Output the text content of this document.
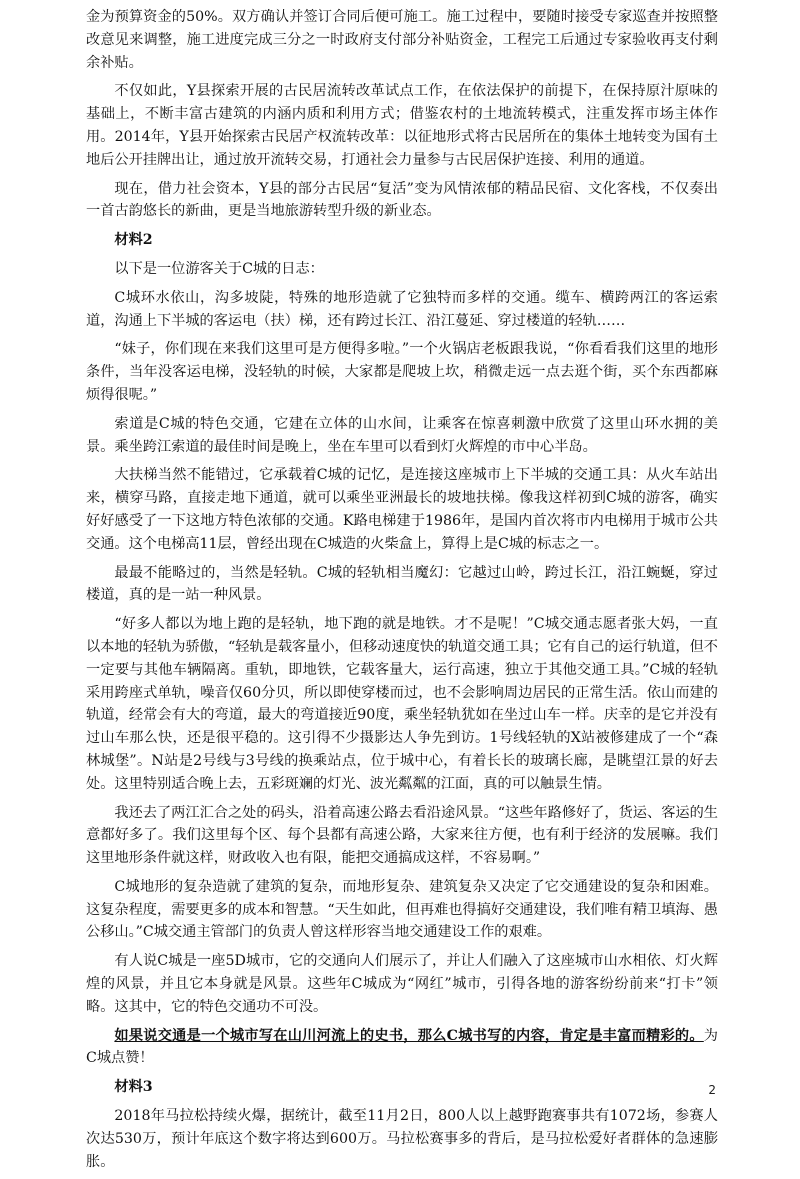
金为预算资金的50%。双方确认并签订合同后便可施工。施工过程中，要随时接受专家巡查并按照整改意见来调整，施工进度完成三分之一时政府支付部分补贴资金，工程完工后通过专家验收再支付剩余补贴。

不仅如此，Y县探索开展的古民居流转改革试点工作，在依法保护的前提下，在保持原汁原味的基础上，不断丰富古建筑的内涵内质和利用方式；借鉴农村的土地流转模式，注重发挥市场主体作用。2014年，Y县开始探索古民居产权流转改革：以征地形式将古民居所在的集体土地转变为国有土地后公开挂牌出让，通过放开流转交易，打通社会力量参与古民居保护连接、利用的通道。

现在，借力社会资本，Y县的部分古民居“复活”变为风情浓郁的精品民宿、文化客栈，不仅奏出一首古韵悠长的新曲，更是当地旅游转型升级的新业态。

材料2

以下是一位游客关于C城的日志：

C城环水依山，沟多坡陡，特殊的地形造就了它独特而多样的交通。缆车、横跨两江的客运索道，沟通上下半城的客运电（扶）梯，还有跨过长江、沿江蔓延、穿过楼道的轻轨……

“妹子，你们现在来我们这里可是方便得多啦。”一个火锅店老板跟我说，“你看看我们这里的地形条件，当年没客运电梯，没轻轨的时候，大家都是爬坡上坎，稍微走远一点去逛个街，买个东西都麻烦得很呢。”

索道是C城的特色交通，它建在立体的山水间，让乘客在惊喜刺激中欣赏了这里山环水拥的美景。乘坐跨江索道的最佳时间是晚上，坐在车里可以看到灯火辉煌的市中心半岛。

大扶梯当然不能错过，它承载着C城的记忆，是连接这座城市上下半城的交通工具：从火车站出来，横穿马路，直接走地下通道，就可以乘坐亚洲最长的坡地扶梯。像我这样初到C城的游客，确实好好感受了一下这地方特色浓郁的交通。K路电梯建于1986年，是国内首次将市内电梯用于城市公共交通。这个电梯高11层，曾经出现在C城造的火柴盒上，算得上是C城的标志之一。

最最不能略过的，当然是轻轨。C城的轻轨相当魔幻：它越过山岭，跨过长江，沿江蜿蜒，穿过楼道，真的是一站一种风景。

“好多人都以为地上跑的是轻轨，地下跑的就是地铁。才不是呢！”C城交通志愿者张大妈，一直以本地的轻轨为骄傲，“轻轨是载客量小，但移动速度快的轨道交通工具；它有自己的运行轨道，但不一定要与其他车辆隔离。重轨，即地铁，它载客量大，运行高速，独立于其他交通工具。”C城的轻轨采用跨座式单轨，噪音仅60分贝，所以即使穿楼而过，也不会影响周边居民的正常生活。依山而建的轨道，经常会有大的弯道，最大的弯道接近90度，乘坐轻轨犹如在坐过山车一样。庆幸的是它并没有过山车那么快，还是很平稳的。这引得不少摄影达人争先到访。1号线轻轨的X站被修建成了一个“森林城堡”。N站是2号线与3号线的换乘站点，位于城中心，有着长长的玻璃长廊，是眺望江景的好去处。这里特别适合晚上去，五彩斑斓的灯光、波光粼粼的江面，真的可以触景生情。

我还去了两江汇合之处的码头，沿着高速公路去看沿途风景。“这些年路修好了，货运、客运的生意都好多了。我们这里每个区、每个县都有高速公路，大家来往方便，也有利于经济的发展嘛。我们这里地形条件就这样，财政收入也有限，能把交通搞成这样，不容易啊。”

C城地形的复杂造就了建筑的复杂，而地形复杂、建筑复杂又决定了它交通建设的复杂和困难。这复杂程度，需要更多的成本和智慧。“天生如此，但再难也得搞好交通建设，我们唯有精卫填海、愚公移山。”C城交通主管部门的负责人曾这样形容当地交通建设工作的艰难。

有人说C城是一座5D城市，它的交通向人们展示了，并让人们融入了这座城市山水相依、灯火辉煌的风景，并且它本身就是风景。这些年C城成为“网红”城市，引得各地的游客纷纷前来“打卡”领略。这其中，它的特色交通功不可没。

如果说交通是一个城市写在山川河流上的史书，那么C城书写的内容，肯定是丰富而精彩的。为C城点赞！

材料3

2018年马拉松持续火爆，据统计，截至11月2日，800人以上越野跑赛事共有1072场，参赛人次达530万，预计年底这个数字将达到600万。马拉松赛事多的背后，是马拉松爱好者群体的急速膨胀。

2
